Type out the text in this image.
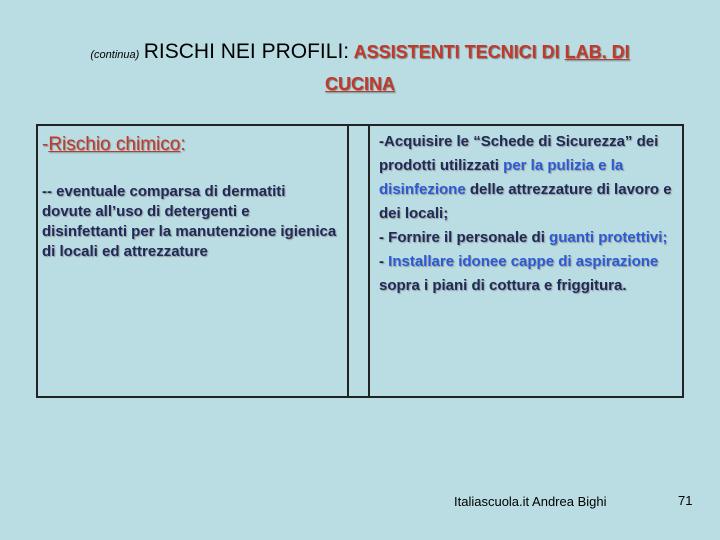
(continua) RISCHI NEI PROFILI: ASSISTENTI TECNICI DI LAB. DI
CUCINA
-Rischio chimico:
-- eventuale comparsa di dermatiti dovute all’uso di detergenti e disinfettanti per la manutenzione igienica di locali ed attrezzature

-Acquisire le “Schede di Sicurezza” dei prodotti utilizzati per la pulizia e la disinfezione delle attrezzature di lavoro e dei locali;

- Fornire il personale di guanti protettivi;

- Installare idonee cappe di aspirazione sopra i piani di cottura e friggitura.

Italiascuola.it Andrea Bighi	71
